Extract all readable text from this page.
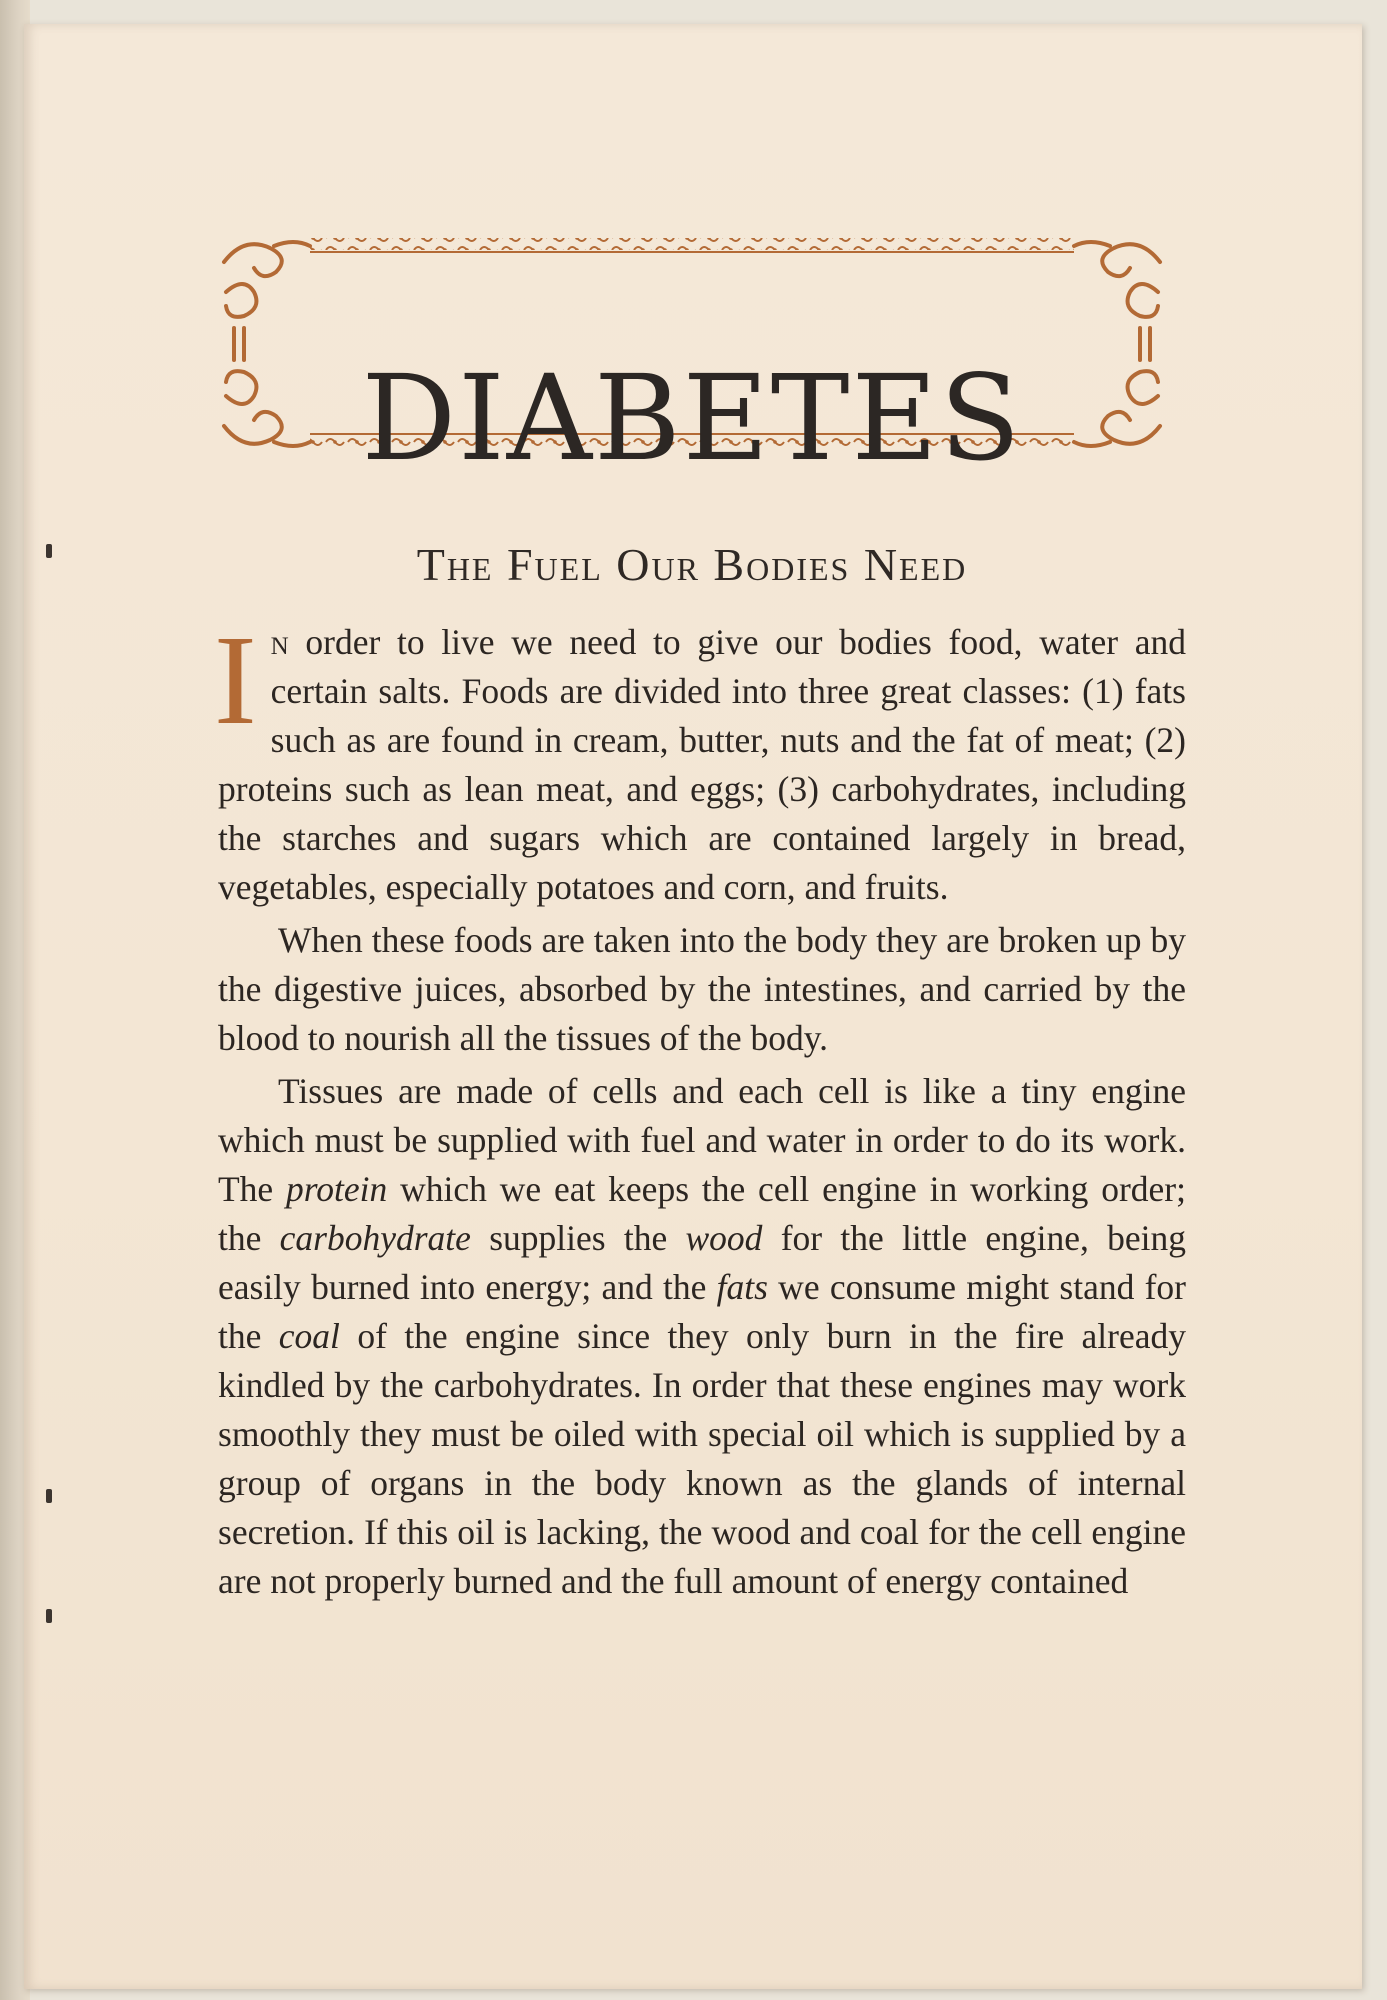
DIABETES
The Fuel Our Bodies Need

In order to live we need to give our bodies food, water and certain salts. Foods are divided into three great classes: (1) fats such as are found in cream, butter, nuts and the fat of meat; (2) proteins such as lean meat, and eggs; (3) carbohydrates, including the starches and sugars which are contained largely in bread, vegetables, especially potatoes and corn, and fruits.

When these foods are taken into the body they are broken up by the digestive juices, absorbed by the intestines, and carried by the blood to nourish all the tissues of the body.

Tissues are made of cells and each cell is like a tiny engine which must be supplied with fuel and water in order to do its work. The protein which we eat keeps the cell engine in working order; the carbohydrate supplies the wood for the little engine, being easily burned into energy; and the fats we consume might stand for the coal of the engine since they only burn in the fire already kindled by the carbohydrates. In order that these engines may work smoothly they must be oiled with special oil which is supplied by a group of organs in the body known as the glands of internal secretion. If this oil is lacking, the wood and coal for the cell engine are not properly burned and the full amount of energy contained
